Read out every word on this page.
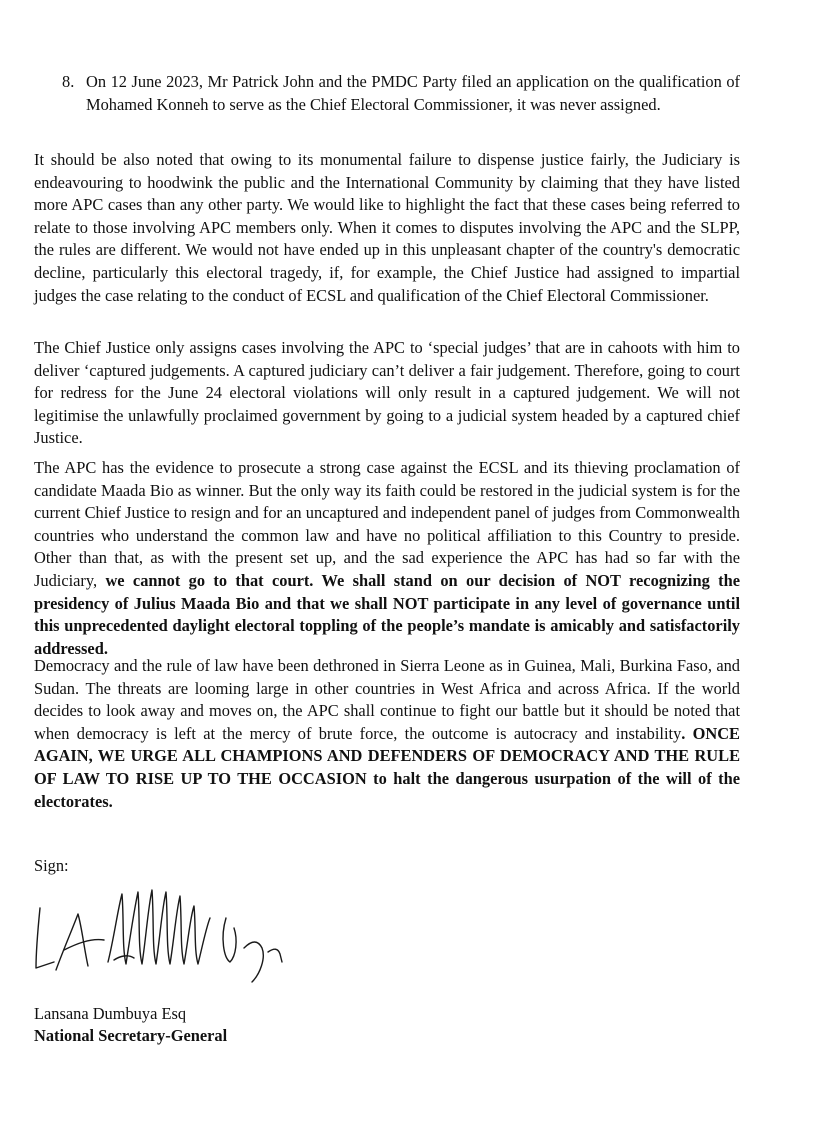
8. On 12 June 2023, Mr Patrick John and the PMDC Party filed an application on the qualification of Mohamed Konneh to serve as the Chief Electoral Commissioner, it was never assigned.

It should be also noted that owing to its monumental failure to dispense justice fairly, the Judiciary is endeavouring to hoodwink the public and the International Community by claiming that they have listed more APC cases than any other party. We would like to highlight the fact that these cases being referred to relate to those involving APC members only. When it comes to disputes involving the APC and the SLPP, the rules are different. We would not have ended up in this unpleasant chapter of the country's democratic decline, particularly this electoral tragedy, if, for example, the Chief Justice had assigned to impartial judges the case relating to the conduct of ECSL and qualification of the Chief Electoral Commissioner.

The Chief Justice only assigns cases involving the APC to ‘special judges’ that are in cahoots with him to deliver ‘captured judgements. A captured judiciary can’t deliver a fair judgement. Therefore, going to court for redress for the June 24 electoral violations will only result in a captured judgement. We will not legitimise the unlawfully proclaimed government by going to a judicial system headed by a captured chief Justice.

The APC has the evidence to prosecute a strong case against the ECSL and its thieving proclamation of candidate Maada Bio as winner. But the only way its faith could be restored in the judicial system is for the current Chief Justice to resign and for an uncaptured and independent panel of judges from Commonwealth countries who understand the common law and have no political affiliation to this Country to preside. Other than that, as with the present set up, and the sad experience the APC has had so far with the Judiciary, we cannot go to that court. We shall stand on our decision of NOT recognizing the presidency of Julius Maada Bio and that we shall NOT participate in any level of governance until this unprecedented daylight electoral toppling of the people’s mandate is amicably and satisfactorily addressed.

Democracy and the rule of law have been dethroned in Sierra Leone as in Guinea, Mali, Burkina Faso, and Sudan. The threats are looming large in other countries in West Africa and across Africa. If the world decides to look away and moves on, the APC shall continue to fight our battle but it should be noted that when democracy is left at the mercy of brute force, the outcome is autocracy and instability. ONCE AGAIN, WE URGE ALL CHAMPIONS AND DEFENDERS OF DEMOCRACY AND THE RULE OF LAW TO RISE UP TO THE OCCASION to halt the dangerous usurpation of the will of the electorates.

Sign:
Lansana Dumbuya Esq
National Secretary-General
